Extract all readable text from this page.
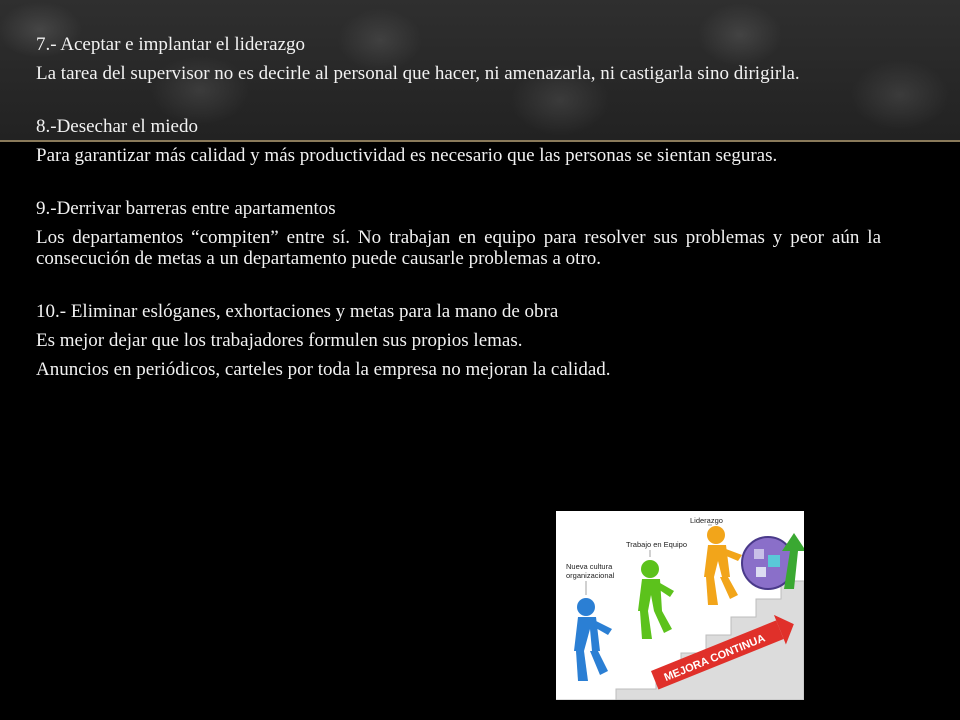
7.- Aceptar e implantar el liderazgo

La tarea del supervisor no es decirle al personal que hacer, ni amenazarla, ni castigarla sino dirigirla.

8.-Desechar el miedo

Para garantizar más calidad y más productividad es necesario que las personas se sientan seguras.

9.-Derrivar barreras entre apartamentos

Los departamentos “compiten” entre sí. No trabajan en equipo para resolver sus problemas y peor aún la consecución de metas a un departamento puede causarle problemas a otro.

10.- Eliminar eslóganes, exhortaciones y metas para la mano de obra

Es mejor dejar que los trabajadores formulen sus propios lemas.

Anuncios en periódicos, carteles por toda la empresa no mejoran la calidad.

MEJORA CONTINUA
Nueva cultura
organizacional
Trabajo en Equipo
Liderazgo
